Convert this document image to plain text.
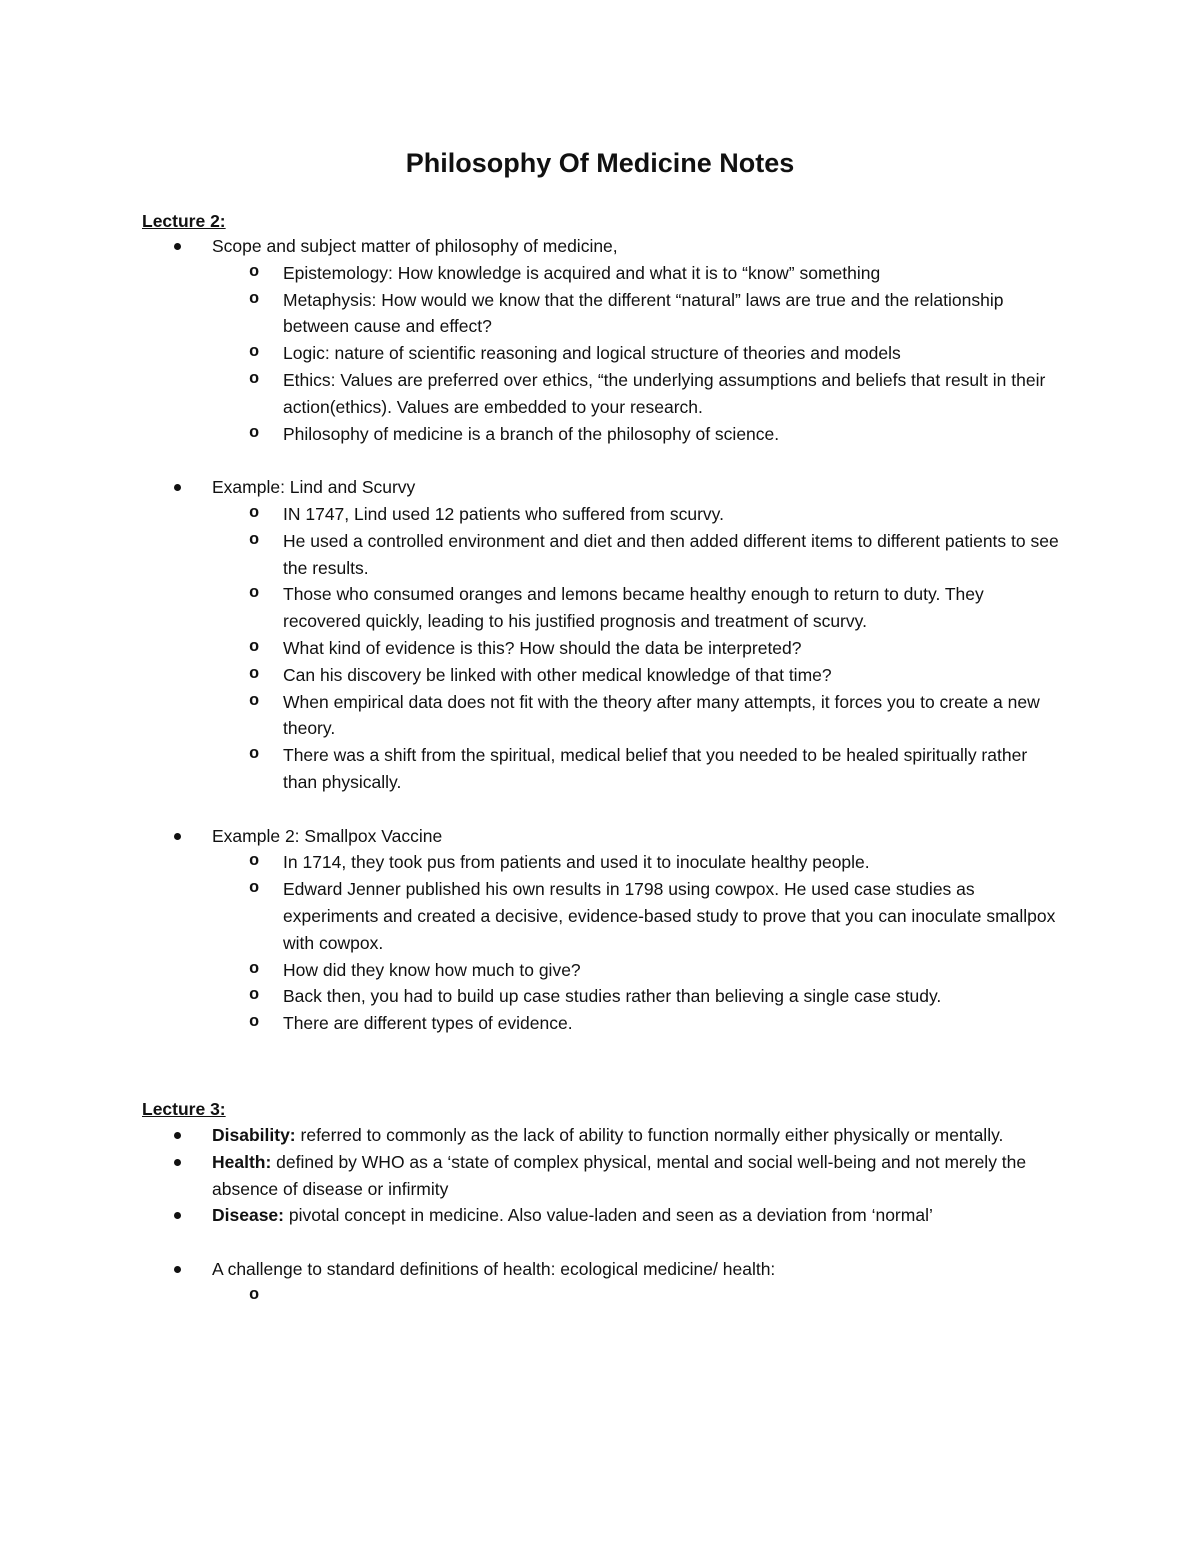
Philosophy Of Medicine Notes
Lecture 2:
Scope and subject matter of philosophy of medicine,
o Epistemology: How knowledge is acquired and what it is to “know” something
o Metaphysis: How would we know that the different “natural” laws are true and the relationship between cause and effect?
o Logic: nature of scientific reasoning and logical structure of theories and models
o Ethics: Values are preferred over ethics, “the underlying assumptions and beliefs that result in their action(ethics). Values are embedded to your research.
o Philosophy of medicine is a branch of the philosophy of science.
Example: Lind and Scurvy
o IN 1747, Lind used 12 patients who suffered from scurvy.
o He used a controlled environment and diet and then added different items to different patients to see the results.
o Those who consumed oranges and lemons became healthy enough to return to duty. They recovered quickly, leading to his justified prognosis and treatment of scurvy.
o What kind of evidence is this? How should the data be interpreted?
o Can his discovery be linked with other medical knowledge of that time?
o When empirical data does not fit with the theory after many attempts, it forces you to create a new theory.
o There was a shift from the spiritual, medical belief that you needed to be healed spiritually rather than physically.
Example 2: Smallpox Vaccine
o In 1714, they took pus from patients and used it to inoculate healthy people.
o Edward Jenner published his own results in 1798 using cowpox. He used case studies as experiments and created a decisive, evidence-based study to prove that you can inoculate smallpox with cowpox.
o How did they know how much to give?
o Back then, you had to build up case studies rather than believing a single case study.
o There are different types of evidence.
Lecture 3:
Disability: referred to commonly as the lack of ability to function normally either physically or mentally.
Health: defined by WHO as a ‘state of complex physical, mental and social well-being and not merely the absence of disease or infirmity
Disease: pivotal concept in medicine. Also value-laden and seen as a deviation from ‘normal’
A challenge to standard definitions of health: ecological medicine/ health:
o
